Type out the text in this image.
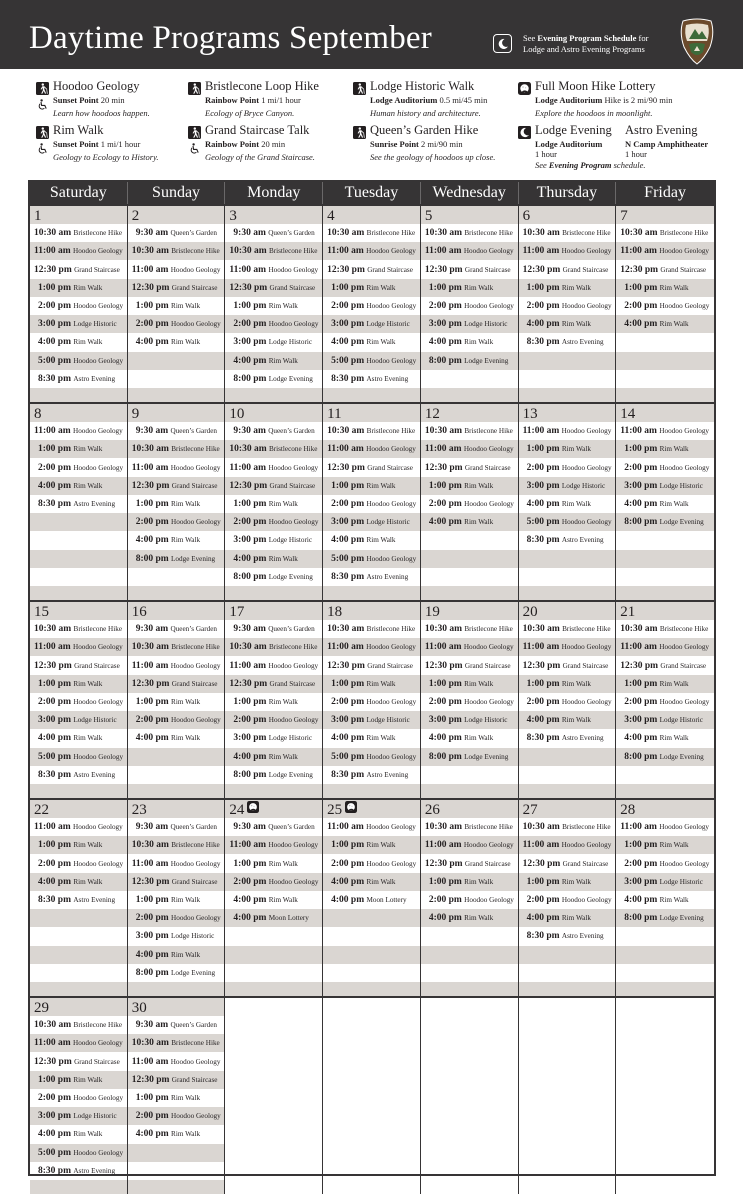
Daytime Programs September	See Evening Program Schedule for
Lodge and Astro Evening Programs
Hoodoo Geology
Sunset Point 20 min
Learn how hoodoos happen.
Bristlecone Loop Hike
Rainbow Point 1 mi/1 hour
Ecology of Bryce Canyon.
Lodge Historic Walk
Lodge Auditorium 0.5 mi/45 min
Human history and architecture.
Full Moon Hike Lottery
Lodge Auditorium Hike is 2 mi/90 min
Explore the hoodoos in moonlight.
Rim Walk
Sunset Point 1 mi/1 hour
Geology to Ecology to History.
Grand Staircase Talk
Rainbow Point 20 min
Geology of the Grand Staircase.
Queen’s Garden Hike
Sunrise Point 2 mi/90 min
See the geology of hoodoos up close.
Lodge Evening Astro Evening
Lodge Auditorium
1 hour
N Camp Amphitheater
1 hour
See Evening Program schedule.
Saturday	Sunday	Monday	Tuesday	Wednesday	Thursday	Friday
1
10:30 am Bristlecone Hike
11:00 am Hoodoo Geology
12:30 pm Grand Staircase
1:00 pm Rim Walk
2:00 pm Hoodoo Geology
3:00 pm Lodge Historic
4:00 pm Rim Walk
5:00 pm Hoodoo Geology
8:30 pm Astro Evening
2
9:30 am Queen’s Garden
10:30 am Bristlecone Hike
11:00 am Hoodoo Geology
12:30 pm Grand Staircase
1:00 pm Rim Walk
2:00 pm Hoodoo Geology
4:00 pm Rim Walk
3
9:30 am Queen’s Garden
10:30 am Bristlecone Hike
11:00 am Hoodoo Geology
12:30 pm Grand Staircase
1:00 pm Rim Walk
2:00 pm Hoodoo Geology
3:00 pm Lodge Historic
4:00 pm Rim Walk
8:00 pm Lodge Evening
4
10:30 am Bristlecone Hike
11:00 am Hoodoo Geology
12:30 pm Grand Staircase
1:00 pm Rim Walk
2:00 pm Hoodoo Geology
3:00 pm Lodge Historic
4:00 pm Rim Walk
5:00 pm Hoodoo Geology
8:30 pm Astro Evening
5
10:30 am Bristlecone Hike
11:00 am Hoodoo Geology
12:30 pm Grand Staircase
1:00 pm Rim Walk
2:00 pm Hoodoo Geology
3:00 pm Lodge Historic
4:00 pm Rim Walk
8:00 pm Lodge Evening
6
10:30 am Bristlecone Hike
11:00 am Hoodoo Geology
12:30 pm Grand Staircase
1:00 pm Rim Walk
2:00 pm Hoodoo Geology
4:00 pm Rim Walk
8:30 pm Astro Evening
7
10:30 am Bristlecone Hike
11:00 am Hoodoo Geology
12:30 pm Grand Staircase
1:00 pm Rim Walk
2:00 pm Hoodoo Geology
4:00 pm Rim Walk
8
11:00 am Hoodoo Geology
1:00 pm Rim Walk
2:00 pm Hoodoo Geology
4:00 pm Rim Walk
8:30 pm Astro Evening
9
9:30 am Queen’s Garden
10:30 am Bristlecone Hike
11:00 am Hoodoo Geology
12:30 pm Grand Staircase
1:00 pm Rim Walk
2:00 pm Hoodoo Geology
4:00 pm Rim Walk
8:00 pm Lodge Evening
10
9:30 am Queen’s Garden
10:30 am Bristlecone Hike
11:00 am Hoodoo Geology
12:30 pm Grand Staircase
1:00 pm Rim Walk
2:00 pm Hoodoo Geology
3:00 pm Lodge Historic
4:00 pm Rim Walk
8:00 pm Lodge Evening
11
10:30 am Bristlecone Hike
11:00 am Hoodoo Geology
12:30 pm Grand Staircase
1:00 pm Rim Walk
2:00 pm Hoodoo Geology
3:00 pm Lodge Historic
4:00 pm Rim Walk
5:00 pm Hoodoo Geology
8:30 pm Astro Evening
12
10:30 am Bristlecone Hike
11:00 am Hoodoo Geology
12:30 pm Grand Staircase
1:00 pm Rim Walk
2:00 pm Hoodoo Geology
4:00 pm Rim Walk
13
11:00 am Hoodoo Geology
1:00 pm Rim Walk
2:00 pm Hoodoo Geology
3:00 pm Lodge Historic
4:00 pm Rim Walk
5:00 pm Hoodoo Geology
8:30 pm Astro Evening
14
11:00 am Hoodoo Geology
1:00 pm Rim Walk
2:00 pm Hoodoo Geology
3:00 pm Lodge Historic
4:00 pm Rim Walk
8:00 pm Lodge Evening
15
10:30 am Bristlecone Hike
11:00 am Hoodoo Geology
12:30 pm Grand Staircase
1:00 pm Rim Walk
2:00 pm Hoodoo Geology
3:00 pm Lodge Historic
4:00 pm Rim Walk
5:00 pm Hoodoo Geology
8:30 pm Astro Evening
16
9:30 am Queen’s Garden
10:30 am Bristlecone Hike
11:00 am Hoodoo Geology
12:30 pm Grand Staircase
1:00 pm Rim Walk
2:00 pm Hoodoo Geology
4:00 pm Rim Walk
17
9:30 am Queen’s Garden
10:30 am Bristlecone Hike
11:00 am Hoodoo Geology
12:30 pm Grand Staircase
1:00 pm Rim Walk
2:00 pm Hoodoo Geology
3:00 pm Lodge Historic
4:00 pm Rim Walk
8:00 pm Lodge Evening
18
10:30 am Bristlecone Hike
11:00 am Hoodoo Geology
12:30 pm Grand Staircase
1:00 pm Rim Walk
2:00 pm Hoodoo Geology
3:00 pm Lodge Historic
4:00 pm Rim Walk
5:00 pm Hoodoo Geology
8:30 pm Astro Evening
19
10:30 am Bristlecone Hike
11:00 am Hoodoo Geology
12:30 pm Grand Staircase
1:00 pm Rim Walk
2:00 pm Hoodoo Geology
3:00 pm Lodge Historic
4:00 pm Rim Walk
8:00 pm Lodge Evening
20
10:30 am Bristlecone Hike
11:00 am Hoodoo Geology
12:30 pm Grand Staircase
1:00 pm Rim Walk
2:00 pm Hoodoo Geology
4:00 pm Rim Walk
8:30 pm Astro Evening
21
10:30 am Bristlecone Hike
11:00 am Hoodoo Geology
12:30 pm Grand Staircase
1:00 pm Rim Walk
2:00 pm Hoodoo Geology
3:00 pm Lodge Historic
4:00 pm Rim Walk
8:00 pm Lodge Evening
22
11:00 am Hoodoo Geology
1:00 pm Rim Walk
2:00 pm Hoodoo Geology
4:00 pm Rim Walk
8:30 pm Astro Evening
23
9:30 am Queen’s Garden
10:30 am Bristlecone Hike
11:00 am Hoodoo Geology
12:30 pm Grand Staircase
1:00 pm Rim Walk
2:00 pm Hoodoo Geology
3:00 pm Lodge Historic
4:00 pm Rim Walk
8:00 pm Lodge Evening
24
9:30 am Queen’s Garden
11:00 am Hoodoo Geology
1:00 pm Rim Walk
2:00 pm Hoodoo Geology
4:00 pm Rim Walk
4:00 pm Moon Lottery
25
11:00 am Hoodoo Geology
1:00 pm Rim Walk
2:00 pm Hoodoo Geology
4:00 pm Rim Walk
4:00 pm Moon Lottery
26
10:30 am Bristlecone Hike
11:00 am Hoodoo Geology
12:30 pm Grand Staircase
1:00 pm Rim Walk
2:00 pm Hoodoo Geology
4:00 pm Rim Walk
27
10:30 am Bristlecone Hike
11:00 am Hoodoo Geology
12:30 pm Grand Staircase
1:00 pm Rim Walk
2:00 pm Hoodoo Geology
4:00 pm Rim Walk
8:30 pm Astro Evening
28
11:00 am Hoodoo Geology
1:00 pm Rim Walk
2:00 pm Hoodoo Geology
3:00 pm Lodge Historic
4:00 pm Rim Walk
8:00 pm Lodge Evening
29
10:30 am Bristlecone Hike
11:00 am Hoodoo Geology
12:30 pm Grand Staircase
1:00 pm Rim Walk
2:00 pm Hoodoo Geology
3:00 pm Lodge Historic
4:00 pm Rim Walk
5:00 pm Hoodoo Geology
8:30 pm Astro Evening
30
9:30 am Queen’s Garden
10:30 am Bristlecone Hike
11:00 am Hoodoo Geology
12:30 pm Grand Staircase
1:00 pm Rim Walk
2:00 pm Hoodoo Geology
4:00 pm Rim Walk
